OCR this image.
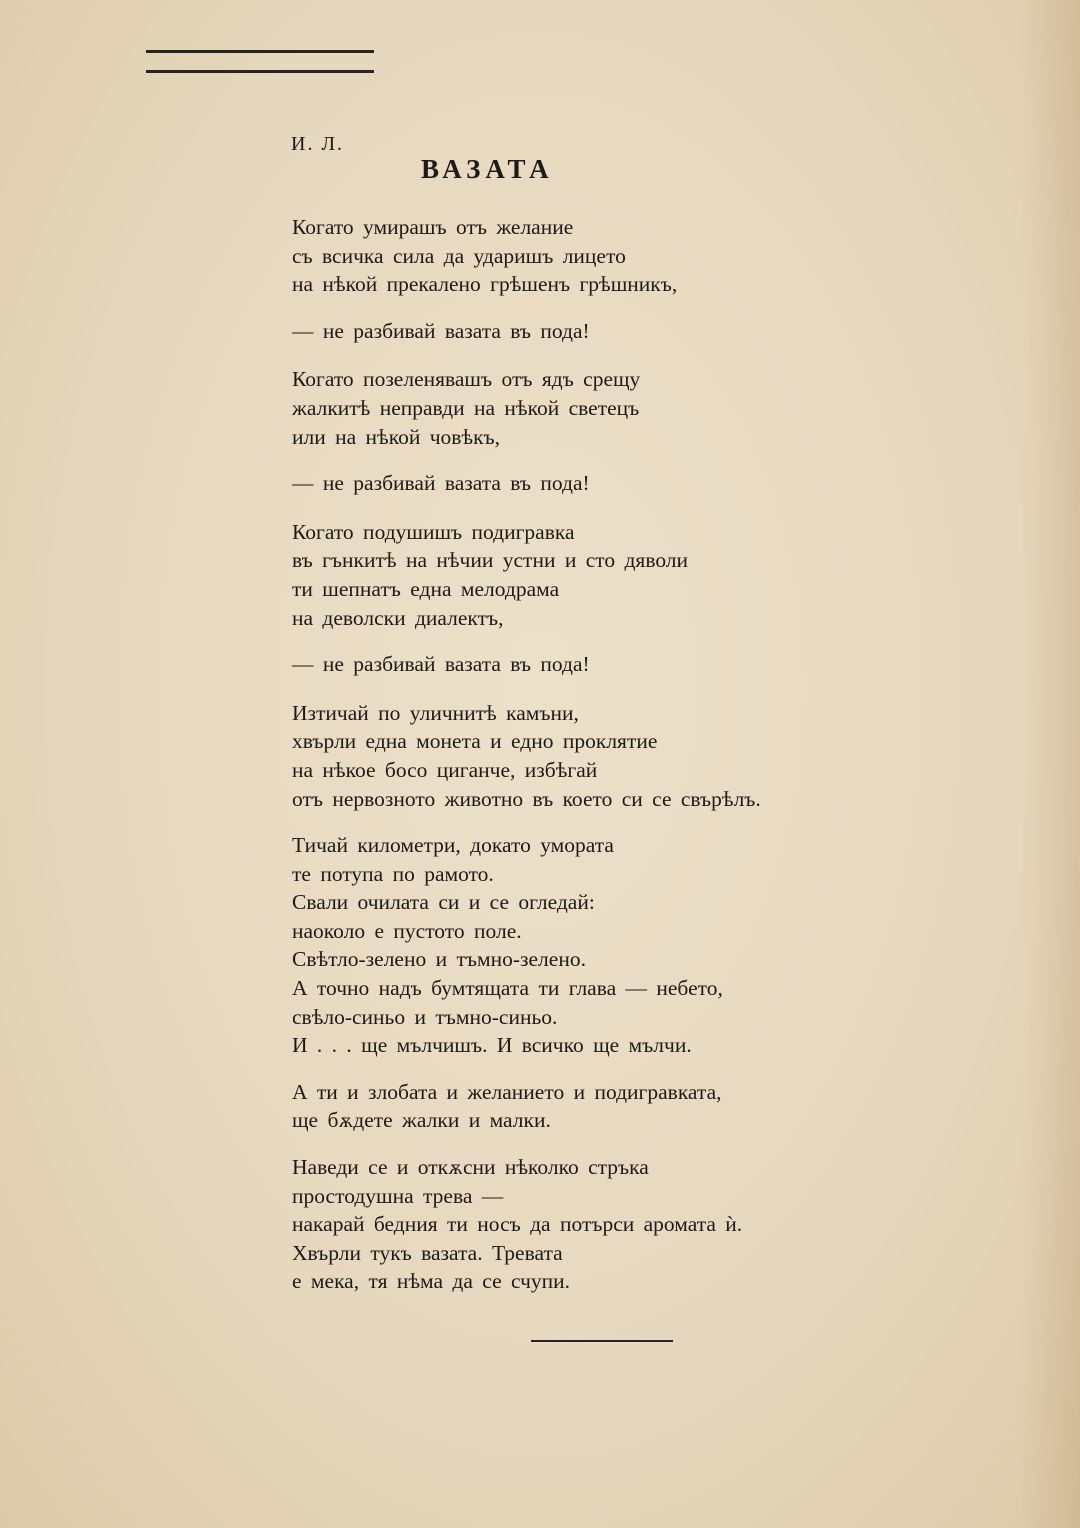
И. Л.
ВАЗАТА
Когато умирашъ отъ желание
съ всичка сила да ударишъ лицето
на нѣкой прекалено грѣшенъ грѣшникъ,
— не разбивай вазата въ пода!
Когато позеленявашъ отъ ядъ срещу
жалкитѣ неправди на нѣкой светецъ
или на нѣкой човѣкъ,
— не разбивай вазата въ пода!
Когато подушишъ подигравка
въ гънкитѣ на нѣчии устни и сто дяволи
ти шепнатъ една мелодрама
на деволски диалектъ,
— не разбивай вазата въ пода!
Изтичай по уличнитѣ камъни,
хвърли една монета и едно проклятие
на нѣкое босо циганче, избѣгай
отъ нервозното животно въ което си се свърѣлъ.
Тичай километри, докато умората
те потупа по рамото.
Свали очилата си и се огледай:
наоколо е пустото поле.
Свѣтло-зелено и тъмно-зелено.
А точно надъ бумтящата ти глава — небето,
свѣло-синьо и тъмно-синьо.
И . . . ще мълчишъ. И всичко ще мълчи.
А ти и злобата и желанието и подигравката,
ще бѫдете жалки и малки.
Наведи се и откѫсни нѣколко стръка
простодушна трева —
накарай бедния ти носъ да потърси аромата ѝ.
Хвърли тукъ вазата. Тревата
е мека, тя нѣма да се счупи.
